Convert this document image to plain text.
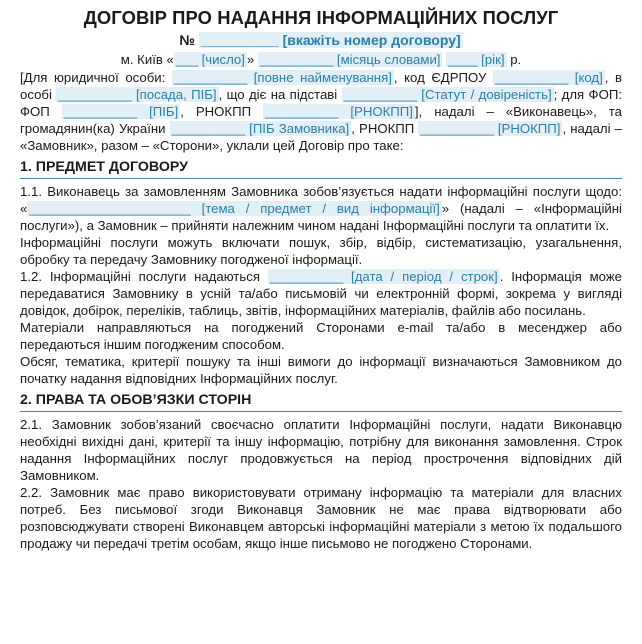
ДОГОВІР ПРО НАДАННЯ ІНФОРМАЦІЙНИХ ПОСЛУГ
№ __________ [вкажіть номер договору]
м. Київ « ___ [число] » __________ [місяць словами] ____ [рік] р.

[Для юридичної особи: __________ [повне найменування] , код ЄДРПОУ __________ [код] , в особі __________ [посада, ПІБ] , що діє на підставі __________ [Статут / довіреність] ; для ФОП: ФОП __________ [ПІБ] , РНОКПП __________ [РНОКПП] ], надалі – «Виконавець», та громадянин(ка) України __________ [ПІБ Замовника] , РНОКПП __________ [РНОКПП] , надалі – «Замовник», разом – «Сторони», уклали цей Договір про таке:

1. ПРЕДМЕТ ДОГОВОРУ

1.1. Виконавець за замовленням Замовника зобов’язується надати інформаційні послуги щодо: « ______________________ [тема / предмет / вид інформації] » (надалі – «Інформаційні послуги»), а Замовник – прийняти належним чином надані Інформаційні послуги та оплатити їх.

Інформаційні послуги можуть включати пошук, збір, відбір, систематизацію, узагальнення, обробку та передачу Замовнику погодженої інформації.

1.2. Інформаційні послуги надаються __________ [дата / період / строк] . Інформація може передаватися Замовнику в усній та/або письмовій чи електронній формі, зокрема у вигляді довідок, добірок, переліків, таблиць, звітів, інформаційних матеріалів, файлів або посилань.

Матеріали направляються на погоджений Сторонами e-mail та/або в месенджер або передаються іншим погодженим способом.

Обсяг, тематика, критерії пошуку та інші вимоги до інформації визначаються Замовником до початку надання відповідних Інформаційних послуг.

2. ПРАВА ТА ОБОВ’ЯЗКИ СТОРІН

2.1. Замовник зобов’язаний своєчасно оплатити Інформаційні послуги, надати Виконавцю необхідні вихідні дані, критерії та іншу інформацію, потрібну для виконання замовлення. Строк надання Інформаційних послуг продовжується на період прострочення відповідних дій Замовником.

2.2. Замовник має право використовувати отриману інформацію та матеріали для власних потреб. Без письмової згоди Виконавця Замовник не має права відтворювати або розповсюджувати створені Виконавцем авторські інформаційні матеріали з метою їх подальшого продажу чи передачі третім особам, якщо інше письмово не погоджено Сторонами.
